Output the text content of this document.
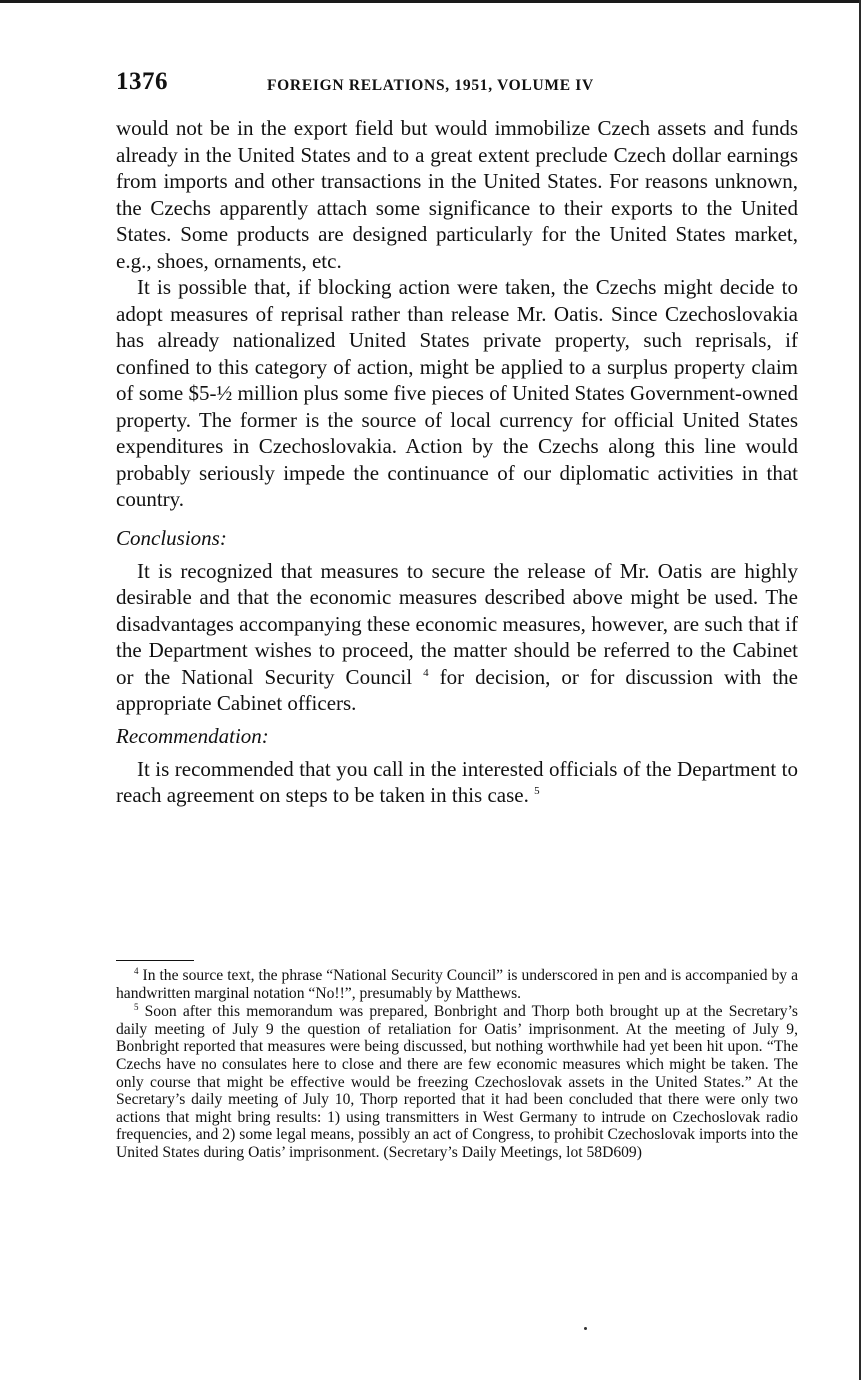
1376	FOREIGN RELATIONS, 1951, VOLUME IV

would not be in the export field but would immobilize Czech assets and funds already in the United States and to a great extent preclude Czech dollar earnings from imports and other transactions in the United States. For reasons unknown, the Czechs apparently attach some significance to their exports to the United States. Some products are designed particularly for the United States market, e.g., shoes, ornaments, etc.

It is possible that, if blocking action were taken, the Czechs might decide to adopt measures of reprisal rather than release Mr. Oatis. Since Czechoslovakia has already nationalized United States private property, such reprisals, if confined to this category of action, might be applied to a surplus property claim of some $5-½ million plus some five pieces of United States Government-owned property. The former is the source of local currency for official United States expenditures in Czechoslovakia. Action by the Czechs along this line would probably seriously impede the continuance of our diplomatic activities in that country.

Conclusions:

It is recognized that measures to secure the release of Mr. Oatis are highly desirable and that the economic measures described above might be used. The disadvantages accompanying these economic measures, however, are such that if the Department wishes to proceed, the matter should be referred to the Cabinet or the National Security Council $^4$ for decision, or for discussion with the appropriate Cabinet officers.

Recommendation:

It is recommended that you call in the interested officials of the Department to reach agreement on steps to be taken in this case. $^5$

$^4$ In the source text, the phrase “National Security Council” is underscored in pen and is accompanied by a handwritten marginal notation “No!!”, presumably by Matthews.

$^5$ Soon after this memorandum was prepared, Bonbright and Thorp both brought up at the Secretary’s daily meeting of July 9 the question of retaliation for Oatis’ imprisonment. At the meeting of July 9, Bonbright reported that measures were being discussed, but nothing worthwhile had yet been hit upon. “The Czechs have no consulates here to close and there are few economic measures which might be taken. The only course that might be effective would be freezing Czechoslovak assets in the United States.” At the Secretary’s daily meeting of July 10, Thorp reported that it had been concluded that there were only two actions that might bring results: 1) using transmitters in West Germany to intrude on Czechoslovak radio frequencies, and 2) some legal means, possibly an act of Congress, to prohibit Czechoslovak imports into the United States during Oatis’ imprisonment. (Secretary’s Daily Meetings, lot 58D609)
